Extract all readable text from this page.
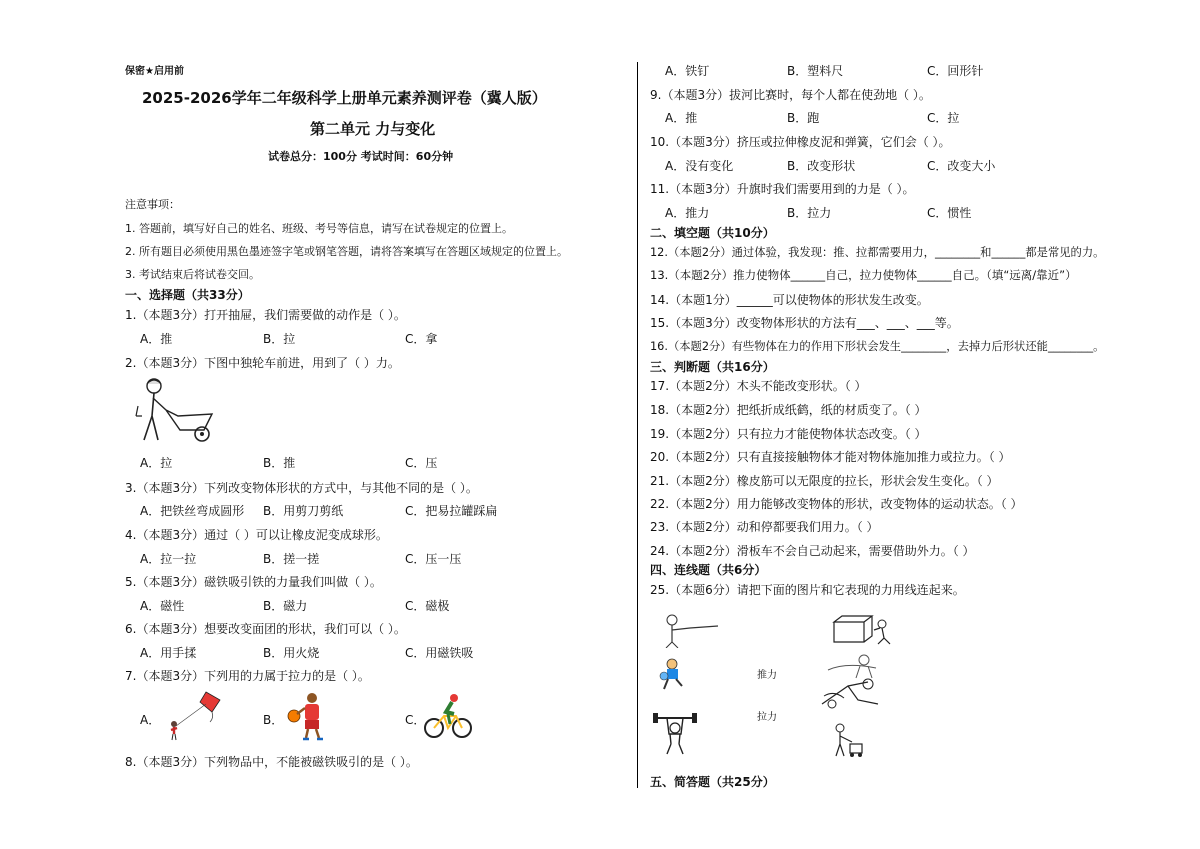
保密★启用前
2025-2026学年二年级科学上册单元素养测评卷（冀人版）
第二单元 力与变化
试卷总分：100分 考试时间：60分钟
注意事项：
1. 答题前，填写好自己的姓名、班级、考号等信息，请写在试卷规定的位置上。
2. 所有题目必须使用黑色墨迹签字笔或钢笔答题，请将答案填写在答题区域规定的位置上。
3. 考试结束后将试卷交回。
一、选择题（共33分）
1.（本题3分）打开抽屉，我们需要做的动作是（ ）。
A．推	B．拉	C．拿
2.（本题3分）下图中独轮车前进，用到了（ ）力。
A．拉	B．推	C．压
3.（本题3分）下列改变物体形状的方式中，与其他不同的是（ ）。
A．把铁丝弯成圆形 B．用剪刀剪纸	C．把易拉罐踩扁
4.（本题3分）通过（ ）可以让橡皮泥变成球形。
A．拉一拉	B．搓一搓	C．压一压
5.（本题3分）磁铁吸引铁的力量我们叫做（ ）。
A．磁性	B．磁力	C．磁极
6.（本题3分）想要改变面团的形状，我们可以（ ）。
A．用手揉	B．用火烧	C．用磁铁吸
7.（本题3分）下列用的力属于拉力的是（ ）。
A．	B．	C．
8.（本题3分）下列物品中，不能被磁铁吸引的是（ ）。
A．铁钉	B．塑料尺	C．回形针
9.（本题3分）拔河比赛时，每个人都在使劲地（ ）。
A．推	B．跑	C．拉
10.（本题3分）挤压或拉伸橡皮泥和弹簧，它们会（ ）。
A．没有变化	B．改变形状	C．改变大小
11.（本题3分）升旗时我们需要用到的力是（ ）。
A．推力	B．拉力	C．惯性
二、填空题（共10分）
12.（本题2分）通过体验，我发现：推、拉都需要用力，________和______都是常见的力。
13.（本题2分）推力使物体______自己，拉力使物体______自己。（填“远离/靠近”）
14.（本题1分）______可以使物体的形状发生改变。
15.（本题3分）改变物体形状的方法有___、___、___等。
16.（本题2分）有些物体在力的作用下形状会发生________，去掉力后形状还能________。
三、判断题（共16分）
17.（本题2分）木头不能改变形状。（ ）
18.（本题2分）把纸折成纸鹤，纸的材质变了。（ ）
19.（本题2分）只有拉力才能使物体状态改变。（ ）
20.（本题2分）只有直接接触物体才能对物体施加推力或拉力。（ ）
21.（本题2分）橡皮筋可以无限度的拉长，形状会发生变化。（ ）
22.（本题2分）用力能够改变物体的形状，改变物体的运动状态。（ ）
23.（本题2分）动和停都要我们用力。（ ）
24.（本题2分）滑板车不会自己动起来，需要借助外力。（ ）
四、连线题（共6分）
25.（本题6分）请把下面的图片和它表现的力用线连起来。
推力
拉力
五、简答题（共25分）
